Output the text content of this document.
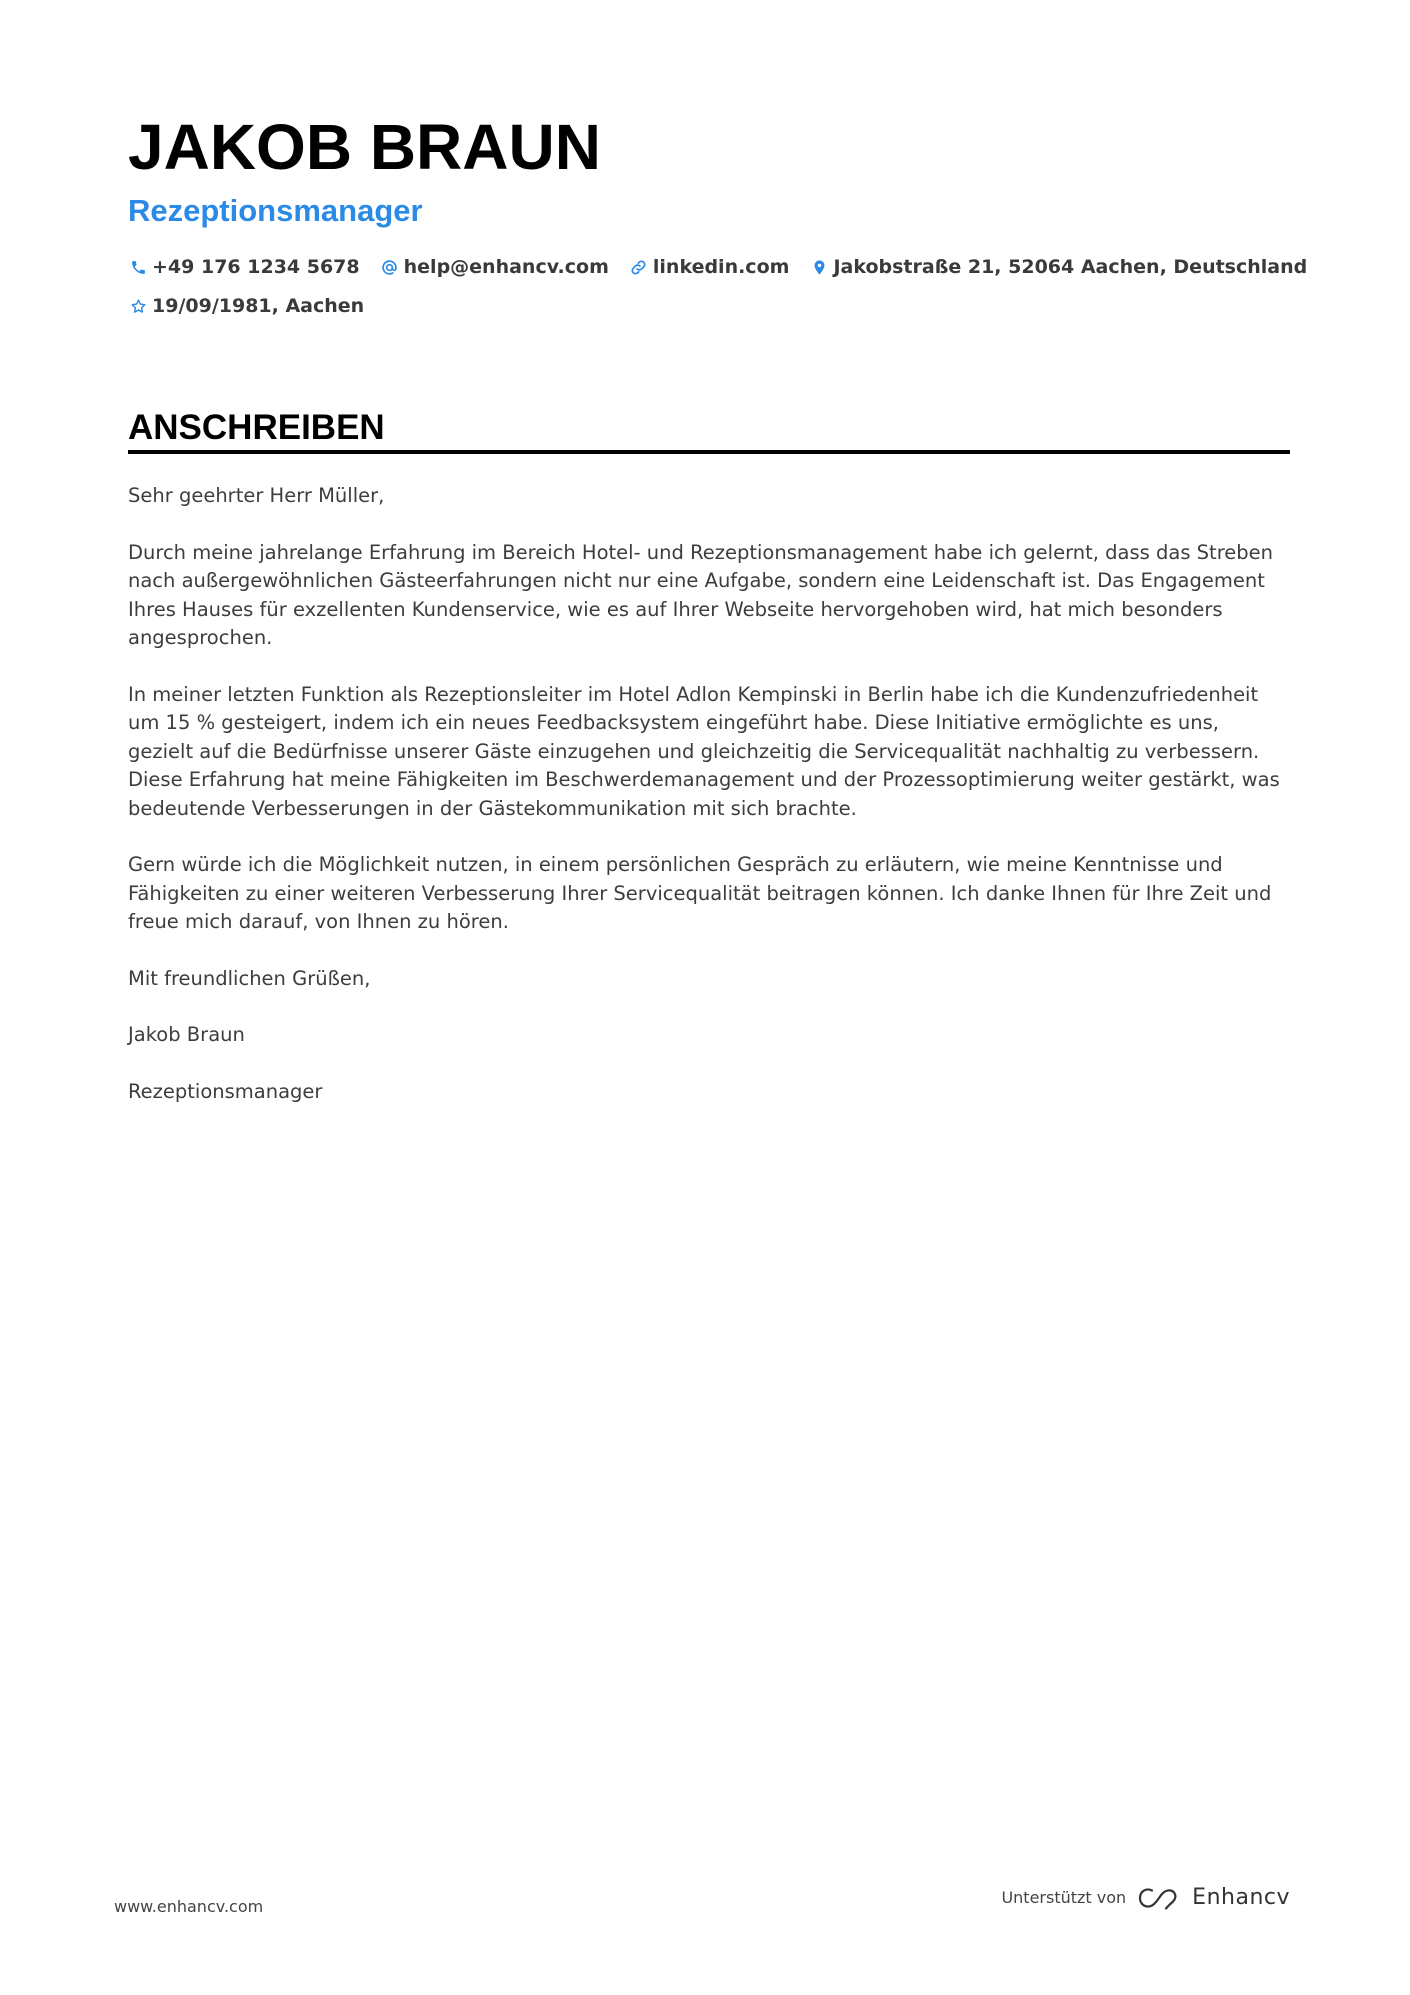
JAKOB BRAUN
Rezeptionsmanager
+49 176 1234 5678 help@enhancv.com linkedin.com Jakobstraße 21, 52064 Aachen, Deutschland
19/09/1981, Aachen
ANSCHREIBEN

Sehr geehrter Herr Müller,

Durch meine jahrelange Erfahrung im Bereich Hotel- und Rezeptionsmanagement habe ich gelernt, dass das Streben nach außergewöhnlichen Gästeerfahrungen nicht nur eine Aufgabe, sondern eine Leidenschaft ist. Das Engagement Ihres Hauses für exzellenten Kundenservice, wie es auf Ihrer Webseite hervorgehoben wird, hat mich besonders angesprochen.

In meiner letzten Funktion als Rezeptionsleiter im Hotel Adlon Kempinski in Berlin habe ich die Kundenzufriedenheit um 15 % gesteigert, indem ich ein neues Feedbacksystem eingeführt habe. Diese Initiative ermöglichte es uns, gezielt auf die Bedürfnisse unserer Gäste einzugehen und gleichzeitig die Servicequalität nachhaltig zu verbessern. Diese Erfahrung hat meine Fähigkeiten im Beschwerdemanagement und der Prozessoptimierung weiter gestärkt, was bedeutende Verbesserungen in der Gästekommunikation mit sich brachte.

Gern würde ich die Möglichkeit nutzen, in einem persönlichen Gespräch zu erläutern, wie meine Kenntnisse und Fähigkeiten zu einer weiteren Verbesserung Ihrer Servicequalität beitragen können. Ich danke Ihnen für Ihre Zeit und freue mich darauf, von Ihnen zu hören.

Mit freundlichen Grüßen,

Jakob Braun

Rezeptionsmanager

www.enhancv.com	Unterstützt von	Enhancv
